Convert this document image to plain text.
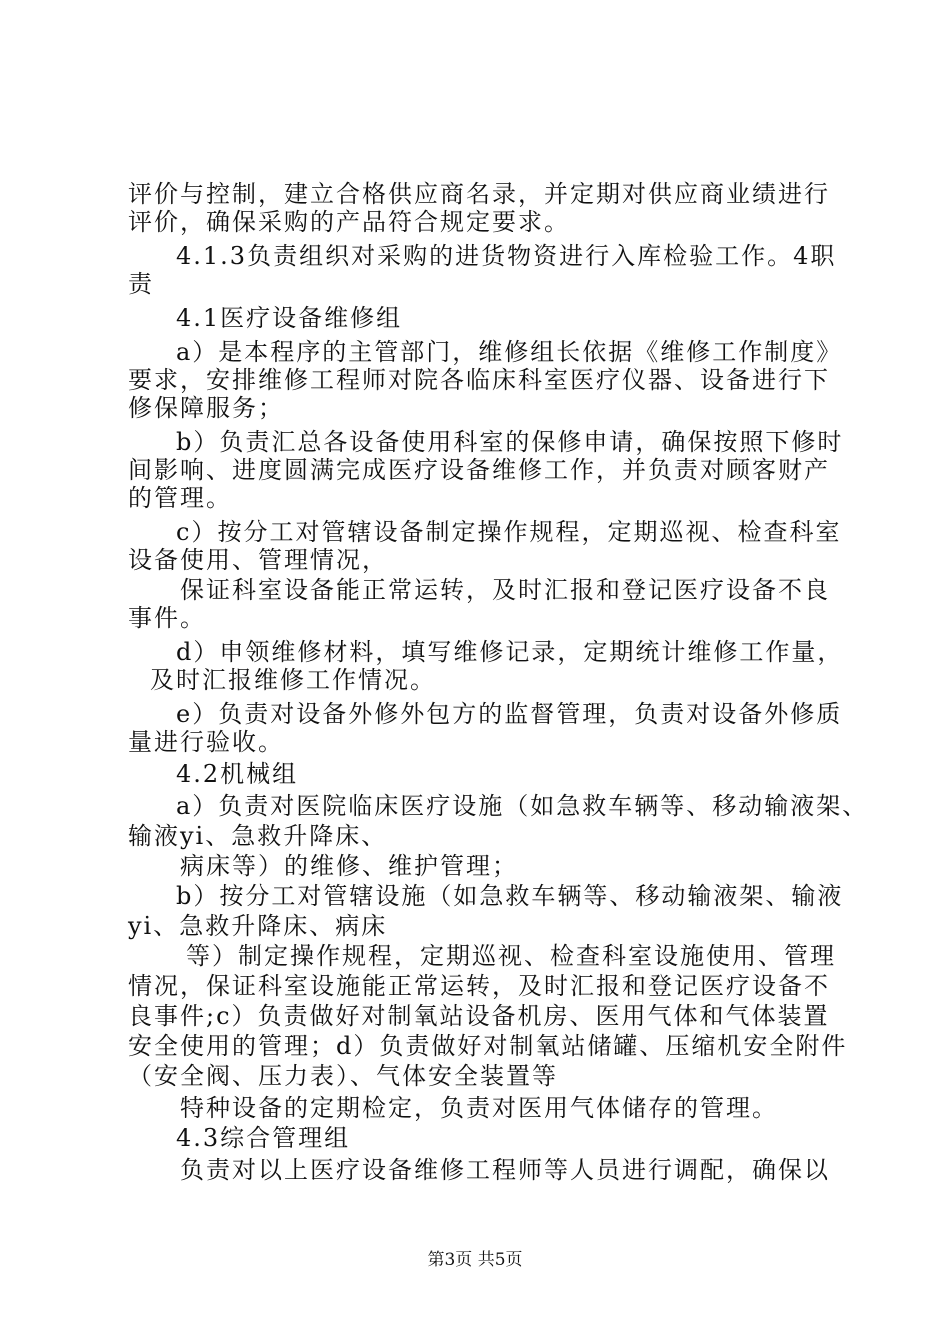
评价与控制，建立合格供应商名录，并定期对供应商业绩进行
评价，确保采购的产品符合规定要求。
4.1.3负责组织对采购的进货物资进行入库检验工作。4职
责
4.1医疗设备维修组
a）是本程序的主管部门，维修组长依据《维修工作制度》
要求，安排维修工程师对院各临床科室医疗仪器、设备进行下
修保障服务；
b）负责汇总各设备使用科室的保修申请，确保按照下修时
间影响、进度圆满完成医疗设备维修工作，并负责对顾客财产
的管理。
c）按分工对管辖设备制定操作规程，定期巡视、检查科室
设备使用、管理情况，
保证科室设备能正常运转，及时汇报和登记医疗设备不良
事件。
d）申领维修材料，填写维修记录，定期统计维修工作量，
及时汇报维修工作情况。
e）负责对设备外修外包方的监督管理，负责对设备外修质
量进行验收。
4.2机械组
a）负责对医院临床医疗设施（如急救车辆等、移动输液架、
输液yi、急救升降床、
病床等）的维修、维护管理；
b）按分工对管辖设施（如急救车辆等、移动输液架、输液
yi、急救升降床、病床
等）制定操作规程，定期巡视、检查科室设施使用、管理
情况，保证科室设施能正常运转，及时汇报和登记医疗设备不
良事件;c）负责做好对制氧站设备机房、医用气体和气体装置
安全使用的管理；d）负责做好对制氧站储罐、压缩机安全附件
（安全阀、压力表）、气体安全装置等
特种设备的定期检定，负责对医用气体储存的管理。
4.3综合管理组
负责对以上医疗设备维修工程师等人员进行调配，确保以
第3页 共5页
